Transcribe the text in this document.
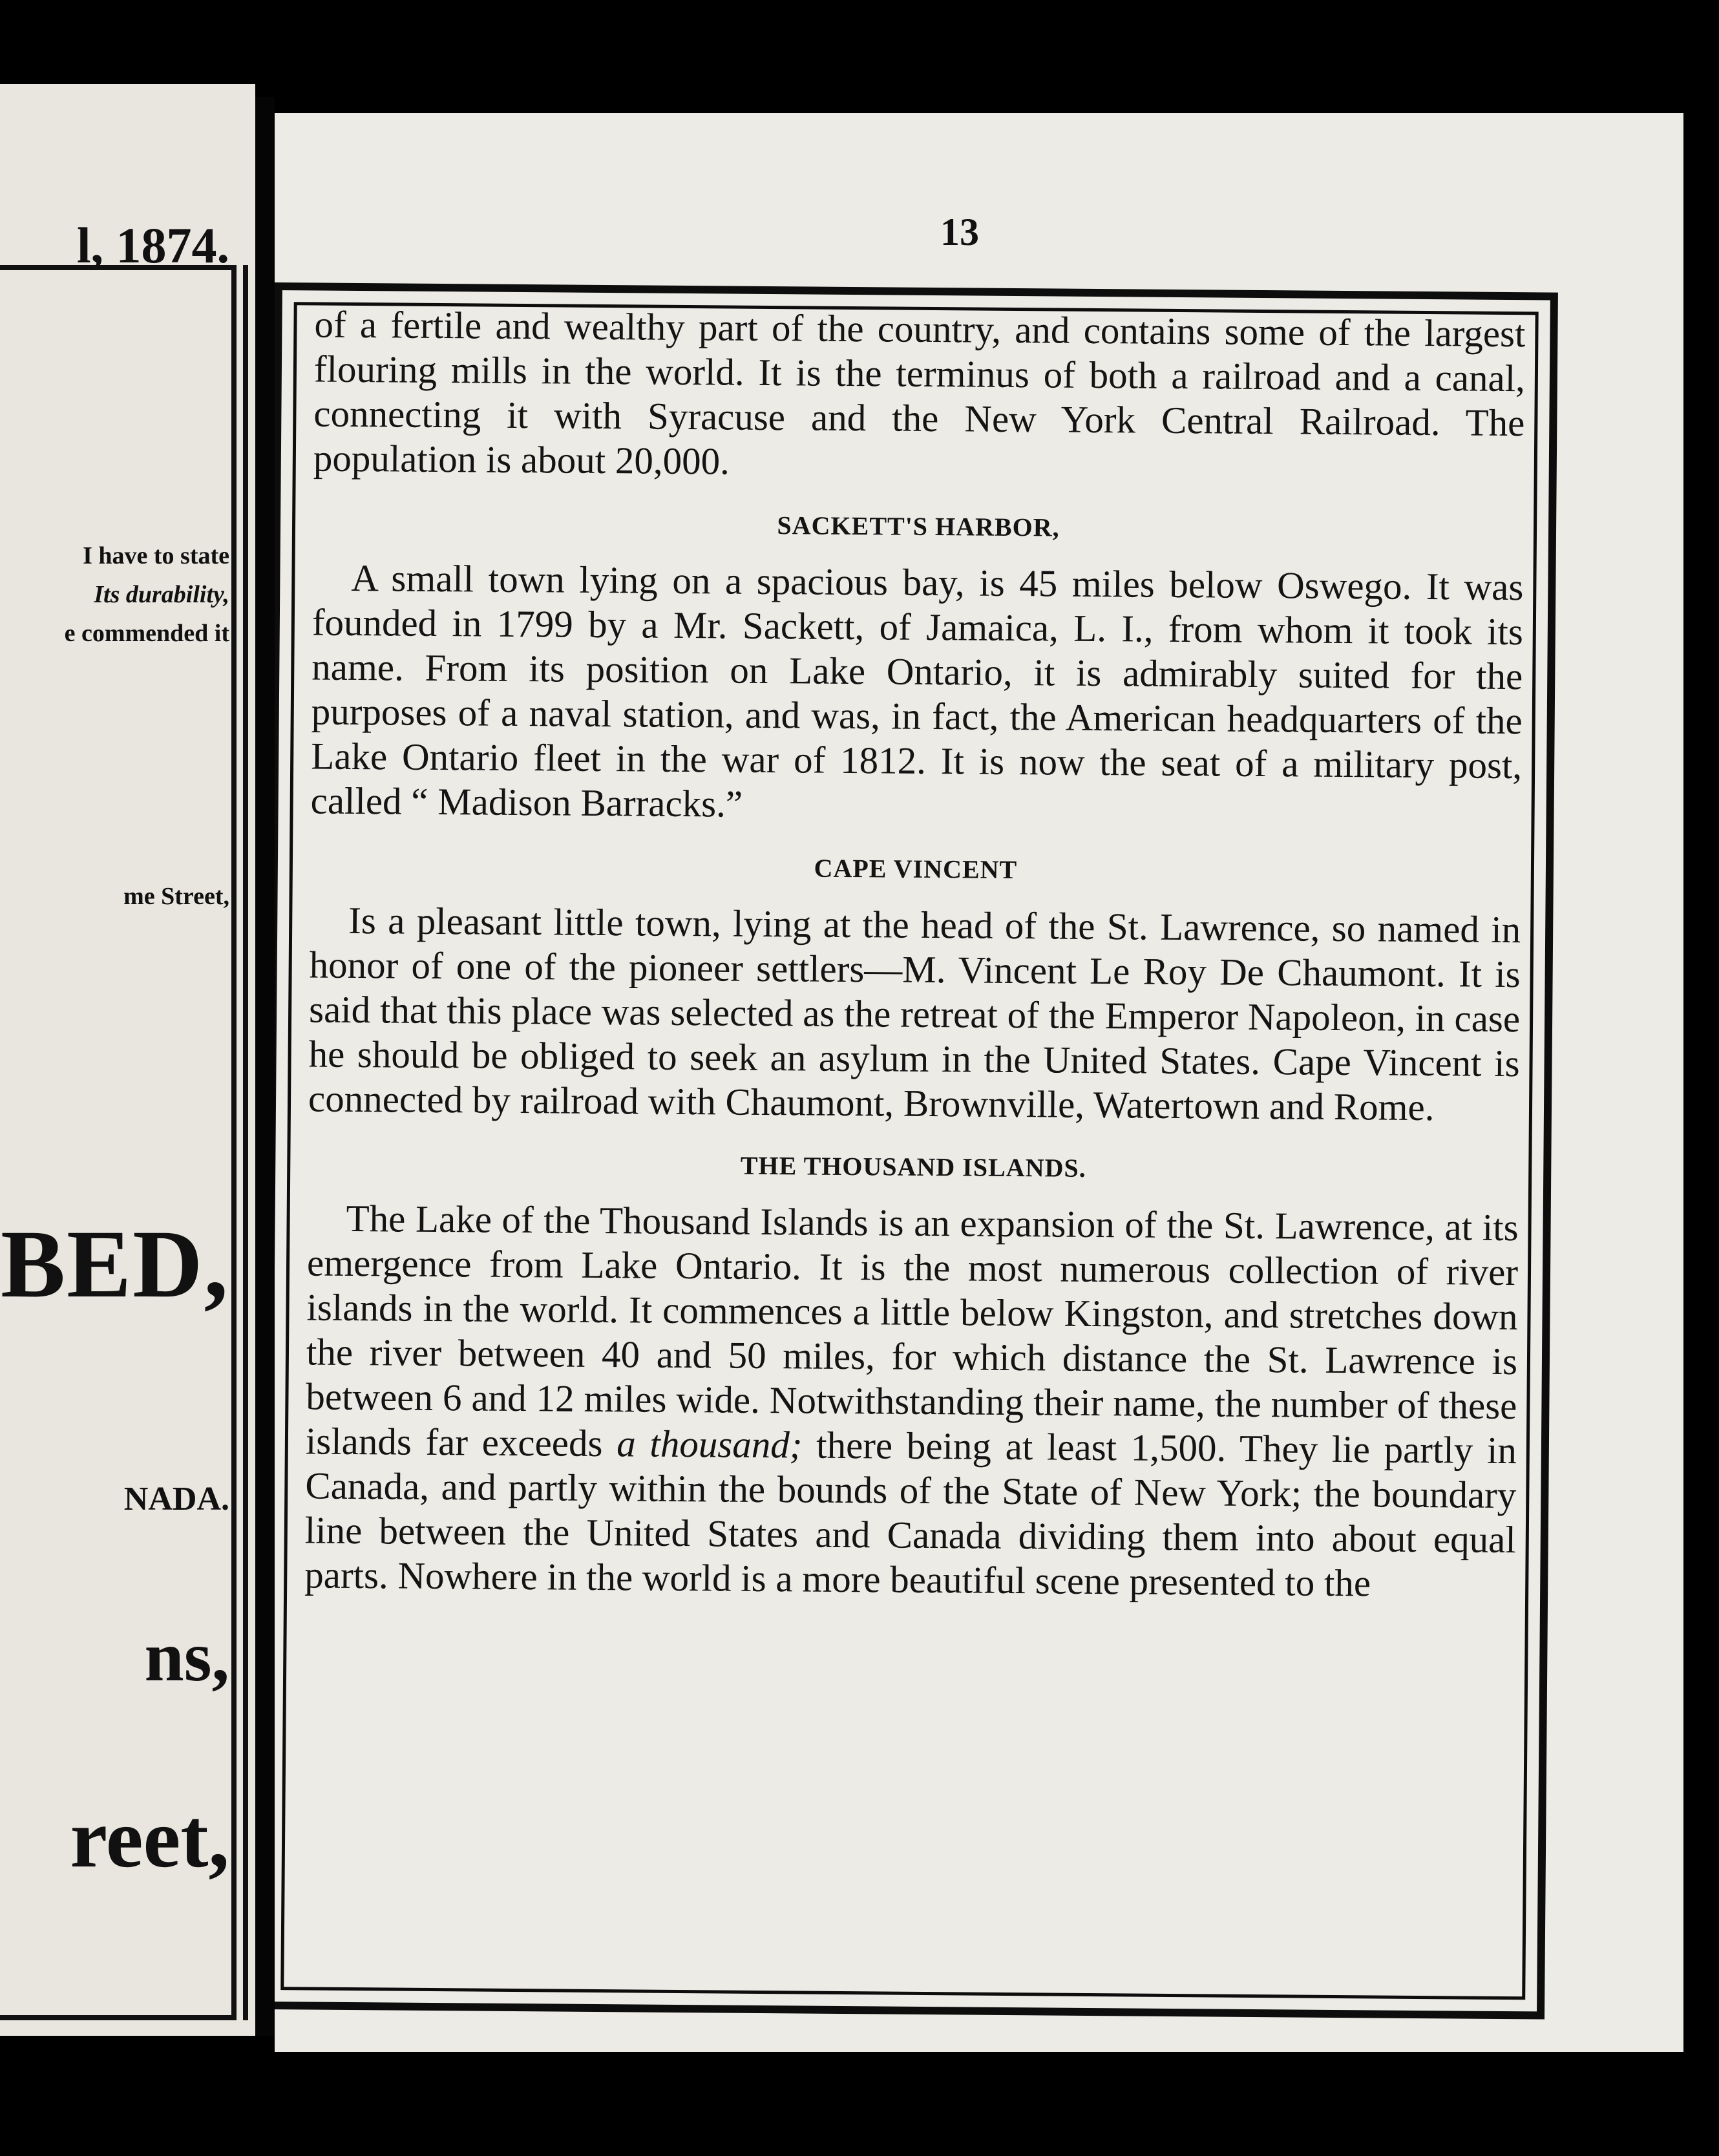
l, 1874.
I have to state
Its durability,
e commended it
me Street,
BED,
NADA.
ns,
reet,
13

of a fertile and wealthy part of the country, and contains some of the largest flouring mills in the world. It is the terminus of both a railroad and a canal, connecting it with Syracuse and the New York Central Railroad. The population is about 20,000.

SACKETT'S HARBOR,

A small town lying on a spacious bay, is 45 miles below Oswego. It was founded in 1799 by a Mr. Sackett, of Jamaica, L. I., from whom it took its name. From its position on Lake Ontario, it is admirably suited for the purposes of a naval station, and was, in fact, the American headquarters of the Lake Ontario fleet in the war of 1812. It is now the seat of a military post, called “ Madison Barracks.”

CAPE VINCENT

Is a pleasant little town, lying at the head of the St. Lawrence, so named in honor of one of the pioneer settlers—M. Vincent Le Roy De Chaumont. It is said that this place was selected as the retreat of the Emperor Napoleon, in case he should be obliged to seek an asylum in the United States. Cape Vincent is connected by railroad with Chaumont, Brownville, Watertown and Rome.

THE THOUSAND ISLANDS.

The Lake of the Thousand Islands is an expansion of the St. Lawrence, at its emergence from Lake Ontario. It is the most numerous collection of river islands in the world. It commences a little below Kingston, and stretches down the river between 40 and 50 miles, for which distance the St. Lawrence is between 6 and 12 miles wide. Notwithstanding their name, the number of these islands far exceeds a thousand; there being at least 1,500. They lie partly in Canada, and partly within the bounds of the State of New York; the boundary line between the United States and Canada dividing them into about equal parts. Nowhere in the world is a more beautiful scene presented to the
